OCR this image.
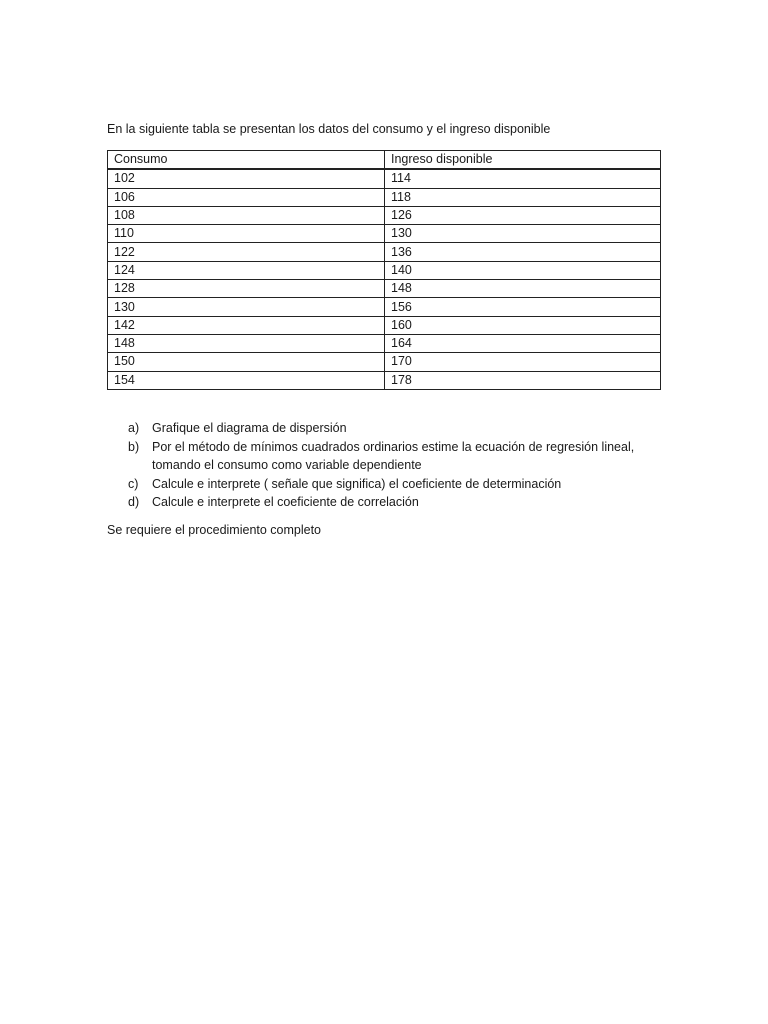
En la siguiente tabla se presentan los datos del consumo y el ingreso disponible
Consumo	Ingreso disponible
102	114
106	118
108	126
110	130
122	136
124	140
128	148
130	156
142	160
148	164
150	170
154	178
a)	Grafique el diagrama de dispersión
b)	Por el método de mínimos cuadrados ordinarios estime la ecuación de regresión lineal, tomando el consumo como variable dependiente
c)	Calcule e interprete ( señale que significa) el coeficiente de determinación
d)	Calcule e interprete el coeficiente de correlación
Se requiere el procedimiento completo
